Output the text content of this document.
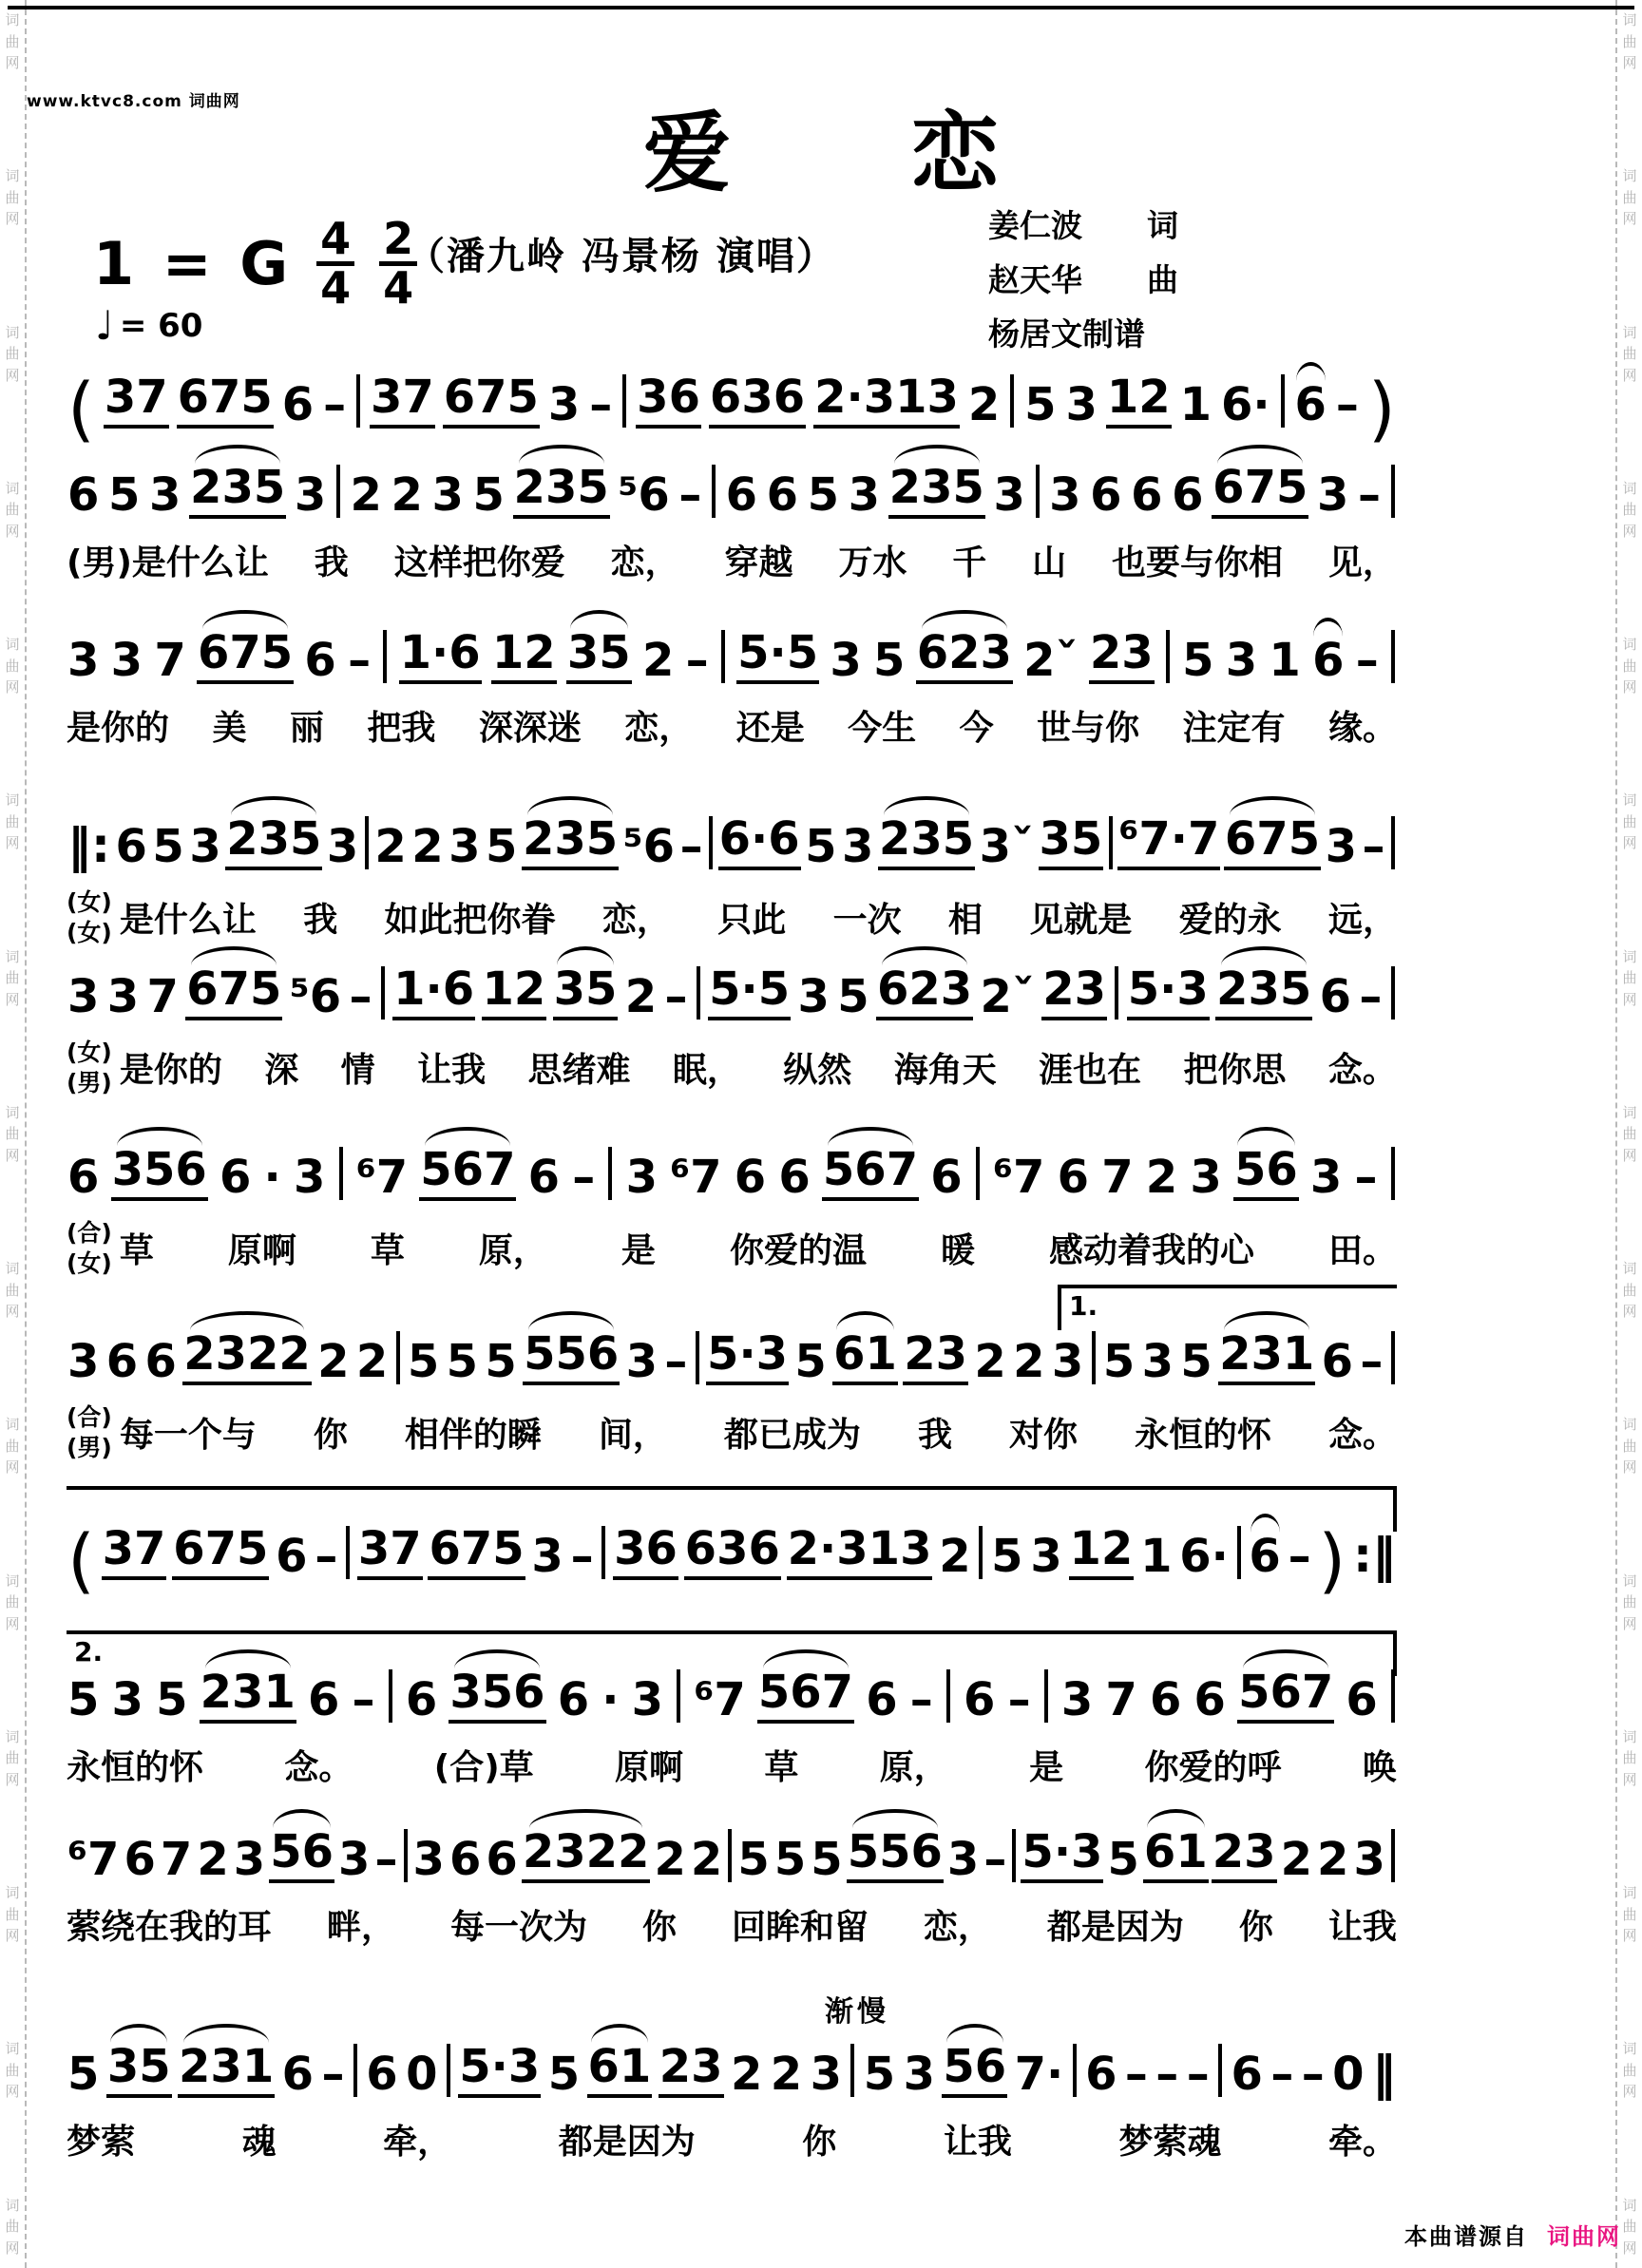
词
曲
网
词
曲
网
词
曲
网
词
曲
网
词
曲
网
词
曲
网
词
曲
网
词
曲
网
词
曲
网
词
曲
网
词
曲
网
词
曲
网
词
曲
网
词
曲
网
词
曲
网
词
曲
网
词
曲
网
词
曲
网
词
曲
网
词
曲
网
词
曲
网
词
曲
网
词
曲
网
词
曲
网
词
曲
网
词
曲
网
词
曲
网
词
曲
网
词
曲
网
词
曲
网
www.ktvc8.com 词曲网
爱恋
1 = G $\frac{4}{4} \frac{2}{4}$
♩ = 60
（潘九岭 冯景杨 演唱）
姜仁波 词
赵天华 曲
杨居文制谱
( 37 675 6 – 37 675 3 – 36 636 2·313 2 5 3 12 1 6· 6 – )
6 5 3 235 3 2 2 3 5 235 ⁵6 – 6 6 5 3 235 3 3 6 6 6 675 3 –
(男)是什么让 我 这样把你爱 恋， 穿越 万水 千 山 也要与你相 见，
3 3 7 675 6 – 1·6 12 35 2 – 5·5 3 5 623 2ˇ 23 5 3 1 6 –
是你的 美 丽 把我 深深迷 恋， 还是 今生 今 世与你 注定有 缘。
‖: 6 5 3 235 3 2 2 3 5 235 ⁵6 – 6·6 5 3 235 3ˇ 35 ⁶7·7 675 3 –
(女)
(女) 是什么让 我 如此把你眷 恋， 只此 一次 相 见就是 爱的永 远，
3 3 7 675 ⁵6 – 1·6 12 35 2 – 5·5 3 5 623 2ˇ 23 5·3 235 6 –
(女)
(男) 是你的 深 情 让我 思绪难 眠， 纵然 海角天 涯也在 把你思 念。
6 356 6 · 3 ⁶7 567 6 – 3 ⁶7 6 6 567 6 ⁶7 6 7 2 3 56 3 –
(合)
(女) 草 原啊 草 原， 是 你爱的温 暖 感动着我的心 田。
1.
3 6 6 2322 2 2 5 5 5 556 3 – 5·3 5 61 23 2 2 3 5 3 5 231 6 –
(合)
(男) 每一个与 你 相伴的瞬 间， 都已成为 我 对你 永恒的怀 念。
( 37 675 6 – 37 675 3 – 36 636 2·313 2 5 3 12 1 6· 6 – ) :‖
2.
5 3 5 231 6 – 6 356 6 · 3 ⁶7 567 6 – 6 – 3 7 6 6 567 6
永恒的怀 念。 (合)草 原啊 草 原， 是 你爱的呼 唤
⁶7 6 7 2 3 56 3 – 3 6 6 2322 2 2 5 5 5 556 3 – 5·3 5 61 23 2 2 3
萦绕在我的耳 畔， 每一次为 你 回眸和留 恋， 都是因为 你 让我
渐慢
5 35 231 6 – 6 0 5·3 5 61 23 2 2 3 5 3 56 7· 6 – – – 6 – – 0 ‖
梦萦	魂	牵，	都是因为	你	让我	梦萦魂	牵。
本曲谱源自 词曲网
